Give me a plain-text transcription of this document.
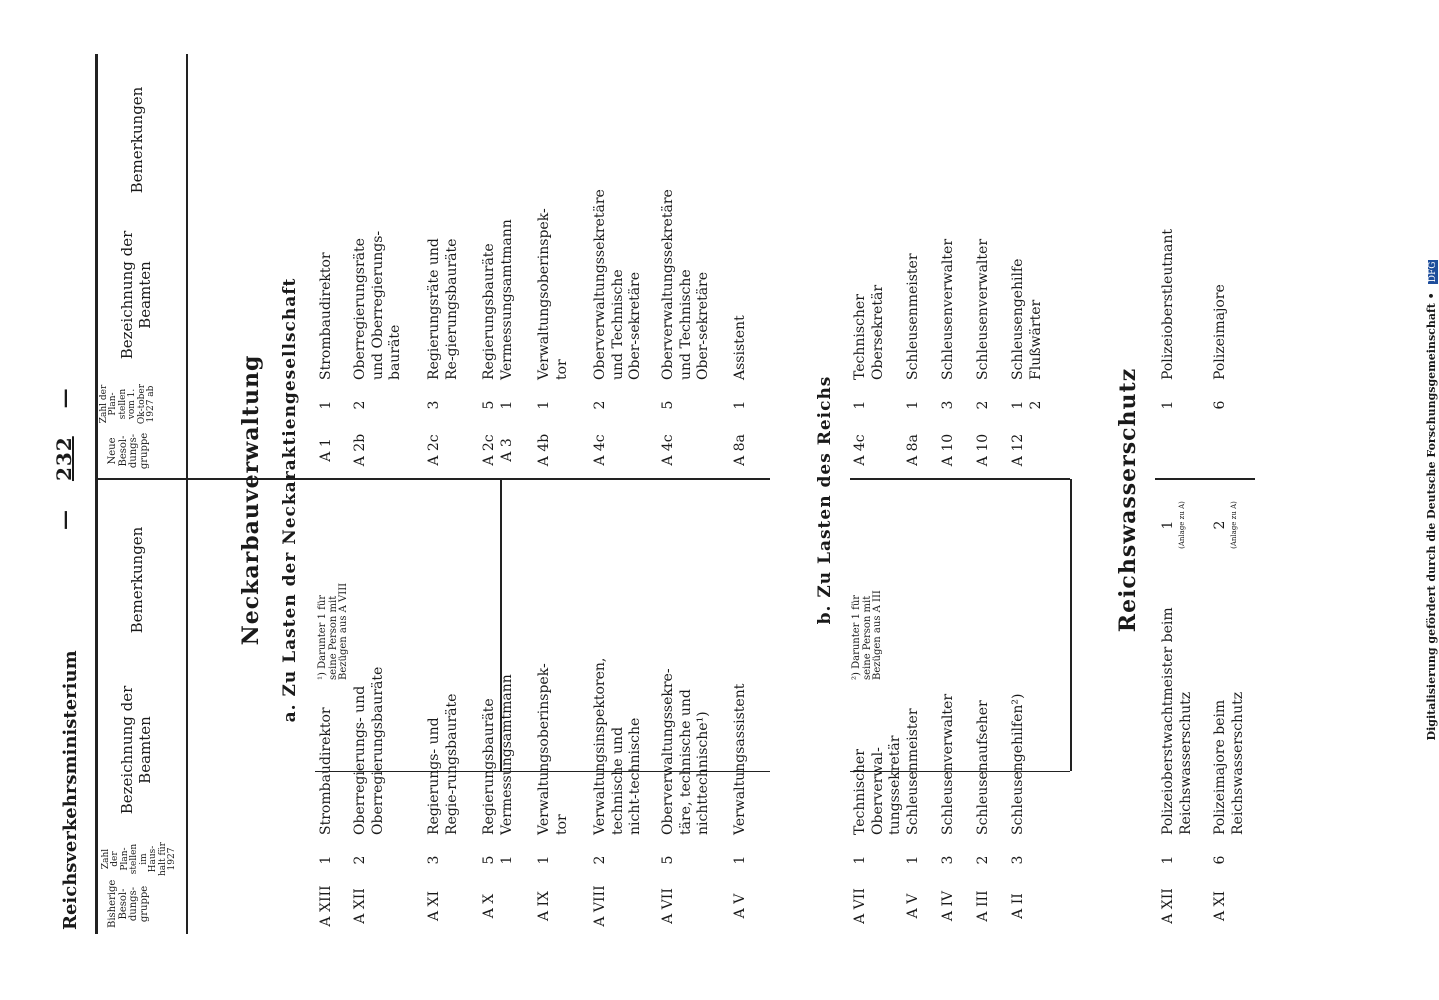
Reichsverkehrsministerium
— 232 —
Bisherige Besol-dungs-gruppe
Zahl der Plan-stellen im Haus-halt für 1927
Bezeichnung der Beamten
Bemerkungen
Neue Besol-dungs-gruppe
Zahl der Plan-stellen vom 1. Ok-tober 1927 ab
Bezeichnung der Beamten
Bemerkungen
Neckarbauverwaltung a. Zu Lasten der Neckaraktiengesellschaft
A XIII
1
Strombaudirektor
¹) Darunter 1 für seine Person mit Bezügen aus A VIII
A 1
1
Strombaudirektor
A XII
2
Oberregierungs- und Oberregierungsbauräte
A 2b
2
Oberregierungsräte und Oberregierungs-bauräte
A XI
3
Regierungs- und Regie-rungsbauräte
A 2c
3
Regierungsräte und Re-gierungsbauräte
A X
5
1
Regierungsbauräte
Vermessungsamtmann
A 2c
A 3
5
1
Regierungsbauräte
Vermessungsamtmann
A IX
1
Verwaltungsoberinspek-tor
A 4b
1
Verwaltungsoberinspek-tor
A VIII
2
Verwaltungsinspektoren, technische und nicht-technische
A 4c
2
Oberverwaltungssekretäre und Technische Ober-sekretäre
A VII
5
Oberverwaltungssekre-täre, technische und nichttechnische¹)
A 4c
5
Oberverwaltungssekretäre und Technische Ober-sekretäre
A V
1
Verwaltungsassistent
A 8a
1
Assistent
b. Zu Lasten des Reichs
A VII
1
Technischer Oberverwal-tungssekretär
²) Darunter 1 für seine Person mit Bezügen aus A III
A 4c
1
Technischer Obersekretär
A V
1
Schleusenmeister
A 8a
1
Schleusenmeister
A IV
3
Schleusenverwalter
A 10
3
Schleusenverwalter
A III
2
Schleusenaufseher
A 10
2
Schleusenverwalter
A II
3
Schleusengehilfen²)
A 12
1
2
Schleusengehilfe
Flußwärter
Reichswasserschutz
A XII
1
Polizeioberstwachtmeister beim Reichswasserschutz
1 (Anlage zu A)
1
Polizeioberstleutnant
A XI
6
Polizeimajore beim Reichswasserschutz
2 (Anlage zu A)
6
Polizeimajore	Digitalisierung gefördert durch die Deutsche Forschungsgemeinschaft • DFG
